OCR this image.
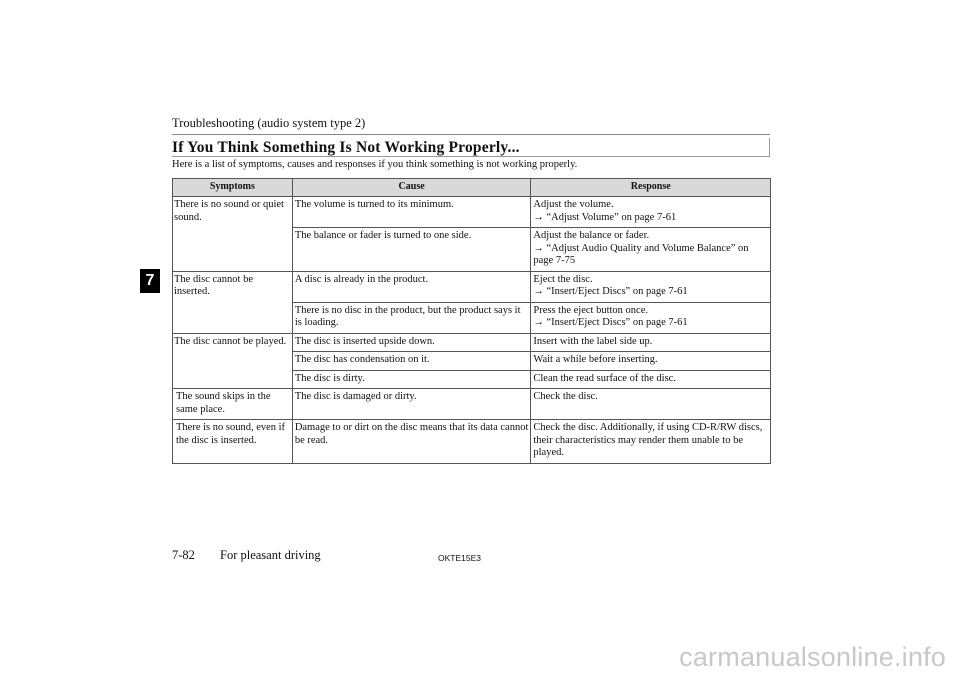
Troubleshooting (audio system type 2)
If You Think Something Is Not Working Properly...
Here is a list of symptoms, causes and responses if you think something is not working properly.
7
Symptoms	Cause	Response
There is no sound or quiet sound.	The volume is turned to its minimum.	Adjust the volume.
→ “Adjust Volume” on page 7-61

	The balance or fader is turned to one side.	Adjust the balance or fader.
→ “Adjust Audio Quality and Volume Balance” on page 7-75

The disc cannot be inserted.	A disc is already in the product.	Eject the disc.
→ “Insert/Eject Discs” on page 7-61

	There is no disc in the product, but the product says it is loading.	Press the eject button once.
→ “Insert/Eject Discs” on page 7-61

The disc cannot be played.	The disc is inserted upside down.	Insert with the label side up.
	The disc has condensation on it.	Wait a while before inserting.
	The disc is dirty.	Clean the read surface of the disc.
The sound skips in the same place.	The disc is damaged or dirty.	Check the disc.
There is no sound, even if the disc is inserted.	Damage to or dirt on the disc means that its data cannot be read.	Check the disc. Additionally, if using CD-R/RW discs, their characteristics may render them unable to be played.
7-82 For pleasant driving	OKTE15E3
carmanualsonline.info
